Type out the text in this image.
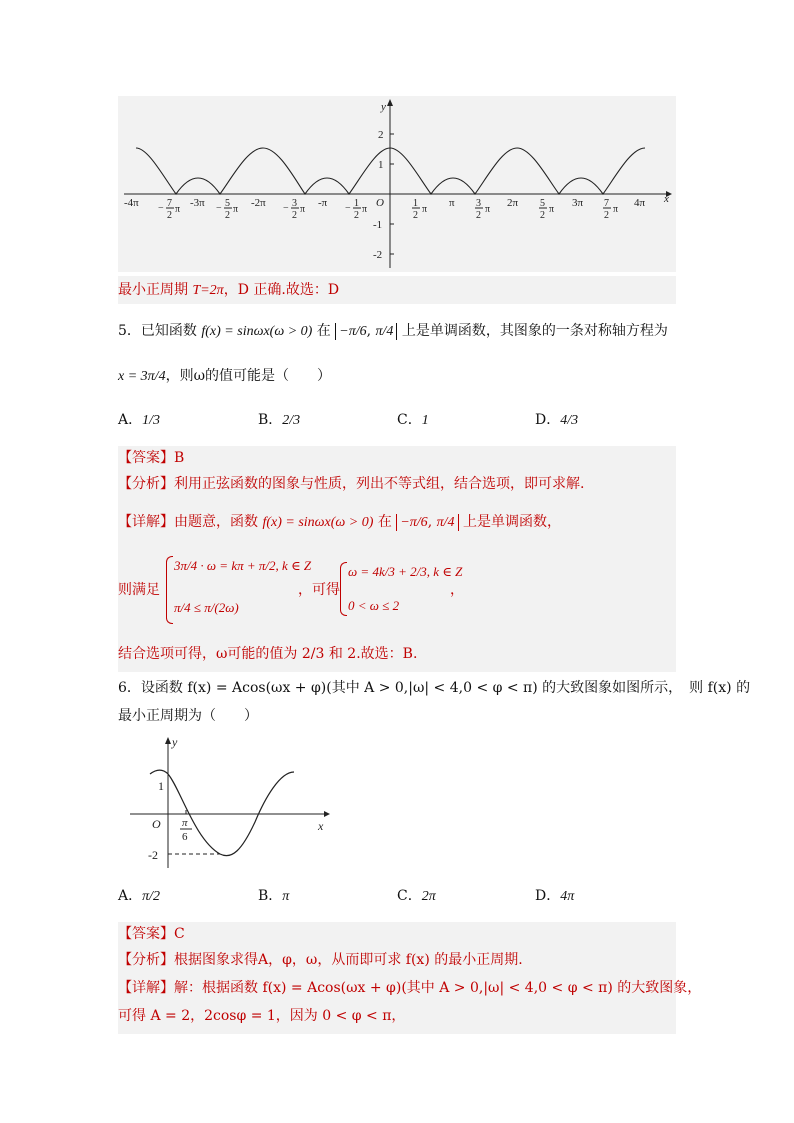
y
x
2
1
-1
-2
-4π − 7
2
π
-3π − 5
2
π
-2π − 3
2
π
-π − 1
2
π
O	1
2
π
π 3
2
π
2π 5
2
π
3π 7
2
π
4π
最小正周期 T=2π，D 正确.故选：D
5．已知函数 f(x) = sinωx(ω > 0) 在 −π/6, π/4 上是单调函数，其图象的一条对称轴方程为
x = 3π/4，则ω的值可能是（　　）
A．1/3	B．2/3	C．1	D．4/3
【答案】B
【分析】利用正弦函数的图象与性质，列出不等式组，结合选项，即可求解.
【详解】由题意，函数 f(x) = sinωx(ω > 0) 在 −π/6, π/4 上是单调函数，
则满足
3π/4 · ω = kπ + π/2, k ∈ Z
π/4 ≤ π/(2ω)
，可得
ω = 4k/3 + 2/3, k ∈ Z
0 < ω ≤ 2
，
结合选项可得，ω可能的值为 2/3 和 2.故选：B.
6．设函数 f(x) = Acos(ωx + φ)(其中 A > 0,|ω| < 4,0 < φ < π) 的大致图象如图所示，　则 f(x) 的
最小正周期为（　　）
y
x
O
1
-2
π
6
A．π/2	B．π	C．2π	D．4π
【答案】C
【分析】根据图象求得A，φ，ω，从而即可求 f(x) 的最小正周期.
【详解】解：根据函数 f(x) = Acos(ωx + φ)(其中 A > 0,|ω| < 4,0 < φ < π) 的大致图象，
可得 A = 2，2cosφ = 1，因为 0 < φ < π，
